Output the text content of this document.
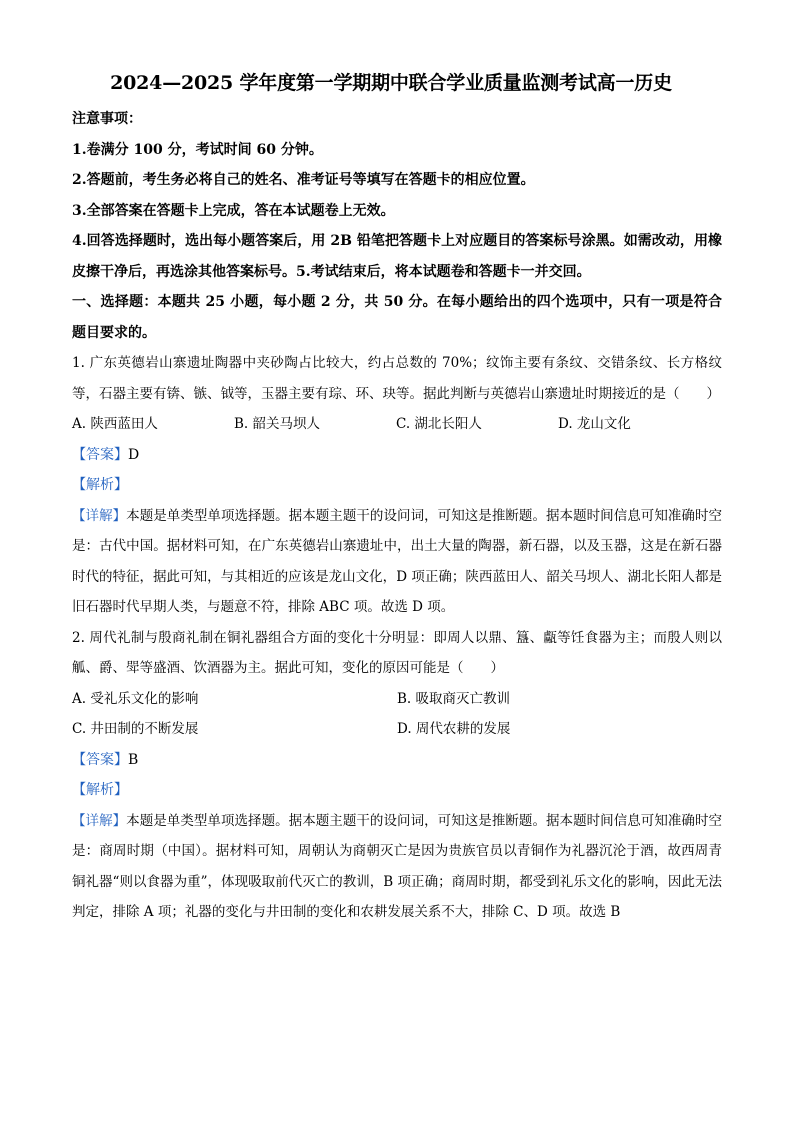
2024—2025 学年度第一学期期中联合学业质量监测考试高一历史

注意事项：

1.卷满分 100 分，考试时间 60 分钟。

2.答题前，考生务必将自己的姓名、准考证号等填写在答题卡的相应位置。

3.全部答案在答题卡上完成，答在本试题卷上无效。

4.回答选择题时，选出每小题答案后，用 2B 铅笔把答题卡上对应题目的答案标号涂黑。如需改动，用橡皮擦干净后，再选涂其他答案标号。5.考试结束后，将本试题卷和答题卡一并交回。

一、选择题：本题共 25 小题，每小题 2 分，共 50 分。在每小题给出的四个选项中，只有一项是符合题目要求的。

1. 广东英德岩山寨遗址陶器中夹砂陶占比较大，约占总数的 70%；纹饰主要有条纹、交错条纹、长方格纹等，石器主要有锛、镞、钺等，玉器主要有琮、环、玦等。据此判断与英德岩山寨遗址时期接近的是（　　）

A. 陕西蓝田人	B. 韶关马坝人	C. 湖北长阳人	D. 龙山文化

【答案】D

【解析】

【详解】本题是单类型单项选择题。据本题主题干的设问词，可知这是推断题。据本题时间信息可知准确时空是：古代中国。据材料可知，在广东英德岩山寨遗址中，出土大量的陶器，新石器，以及玉器，这是在新石器时代的特征，据此可知，与其相近的应该是龙山文化，D 项正确；陕西蓝田人、韶关马坝人、湖北长阳人都是旧石器时代早期人类，与题意不符，排除 ABC 项。故选 D 项。

2. 周代礼制与殷商礼制在铜礼器组合方面的变化十分明显：即周人以鼎、簋、甗等饪食器为主；而殷人则以觚、爵、斝等盛酒、饮酒器为主。据此可知，变化的原因可能是（　　）

A. 受礼乐文化的影响	B. 吸取商灭亡教训
C. 井田制的不断发展	D. 周代农耕的发展

【答案】B

【解析】

【详解】本题是单类型单项选择题。据本题主题干的设问词，可知这是推断题。据本题时间信息可知准确时空是：商周时期（中国）。据材料可知，周朝认为商朝灭亡是因为贵族官员以青铜作为礼器沉沦于酒，故西周青铜礼器“则以食器为重”，体现吸取前代灭亡的教训，B 项正确；商周时期，都受到礼乐文化的影响，因此无法判定，排除 A 项；礼器的变化与井田制的变化和农耕发展关系不大，排除 C、D 项。故选 B
